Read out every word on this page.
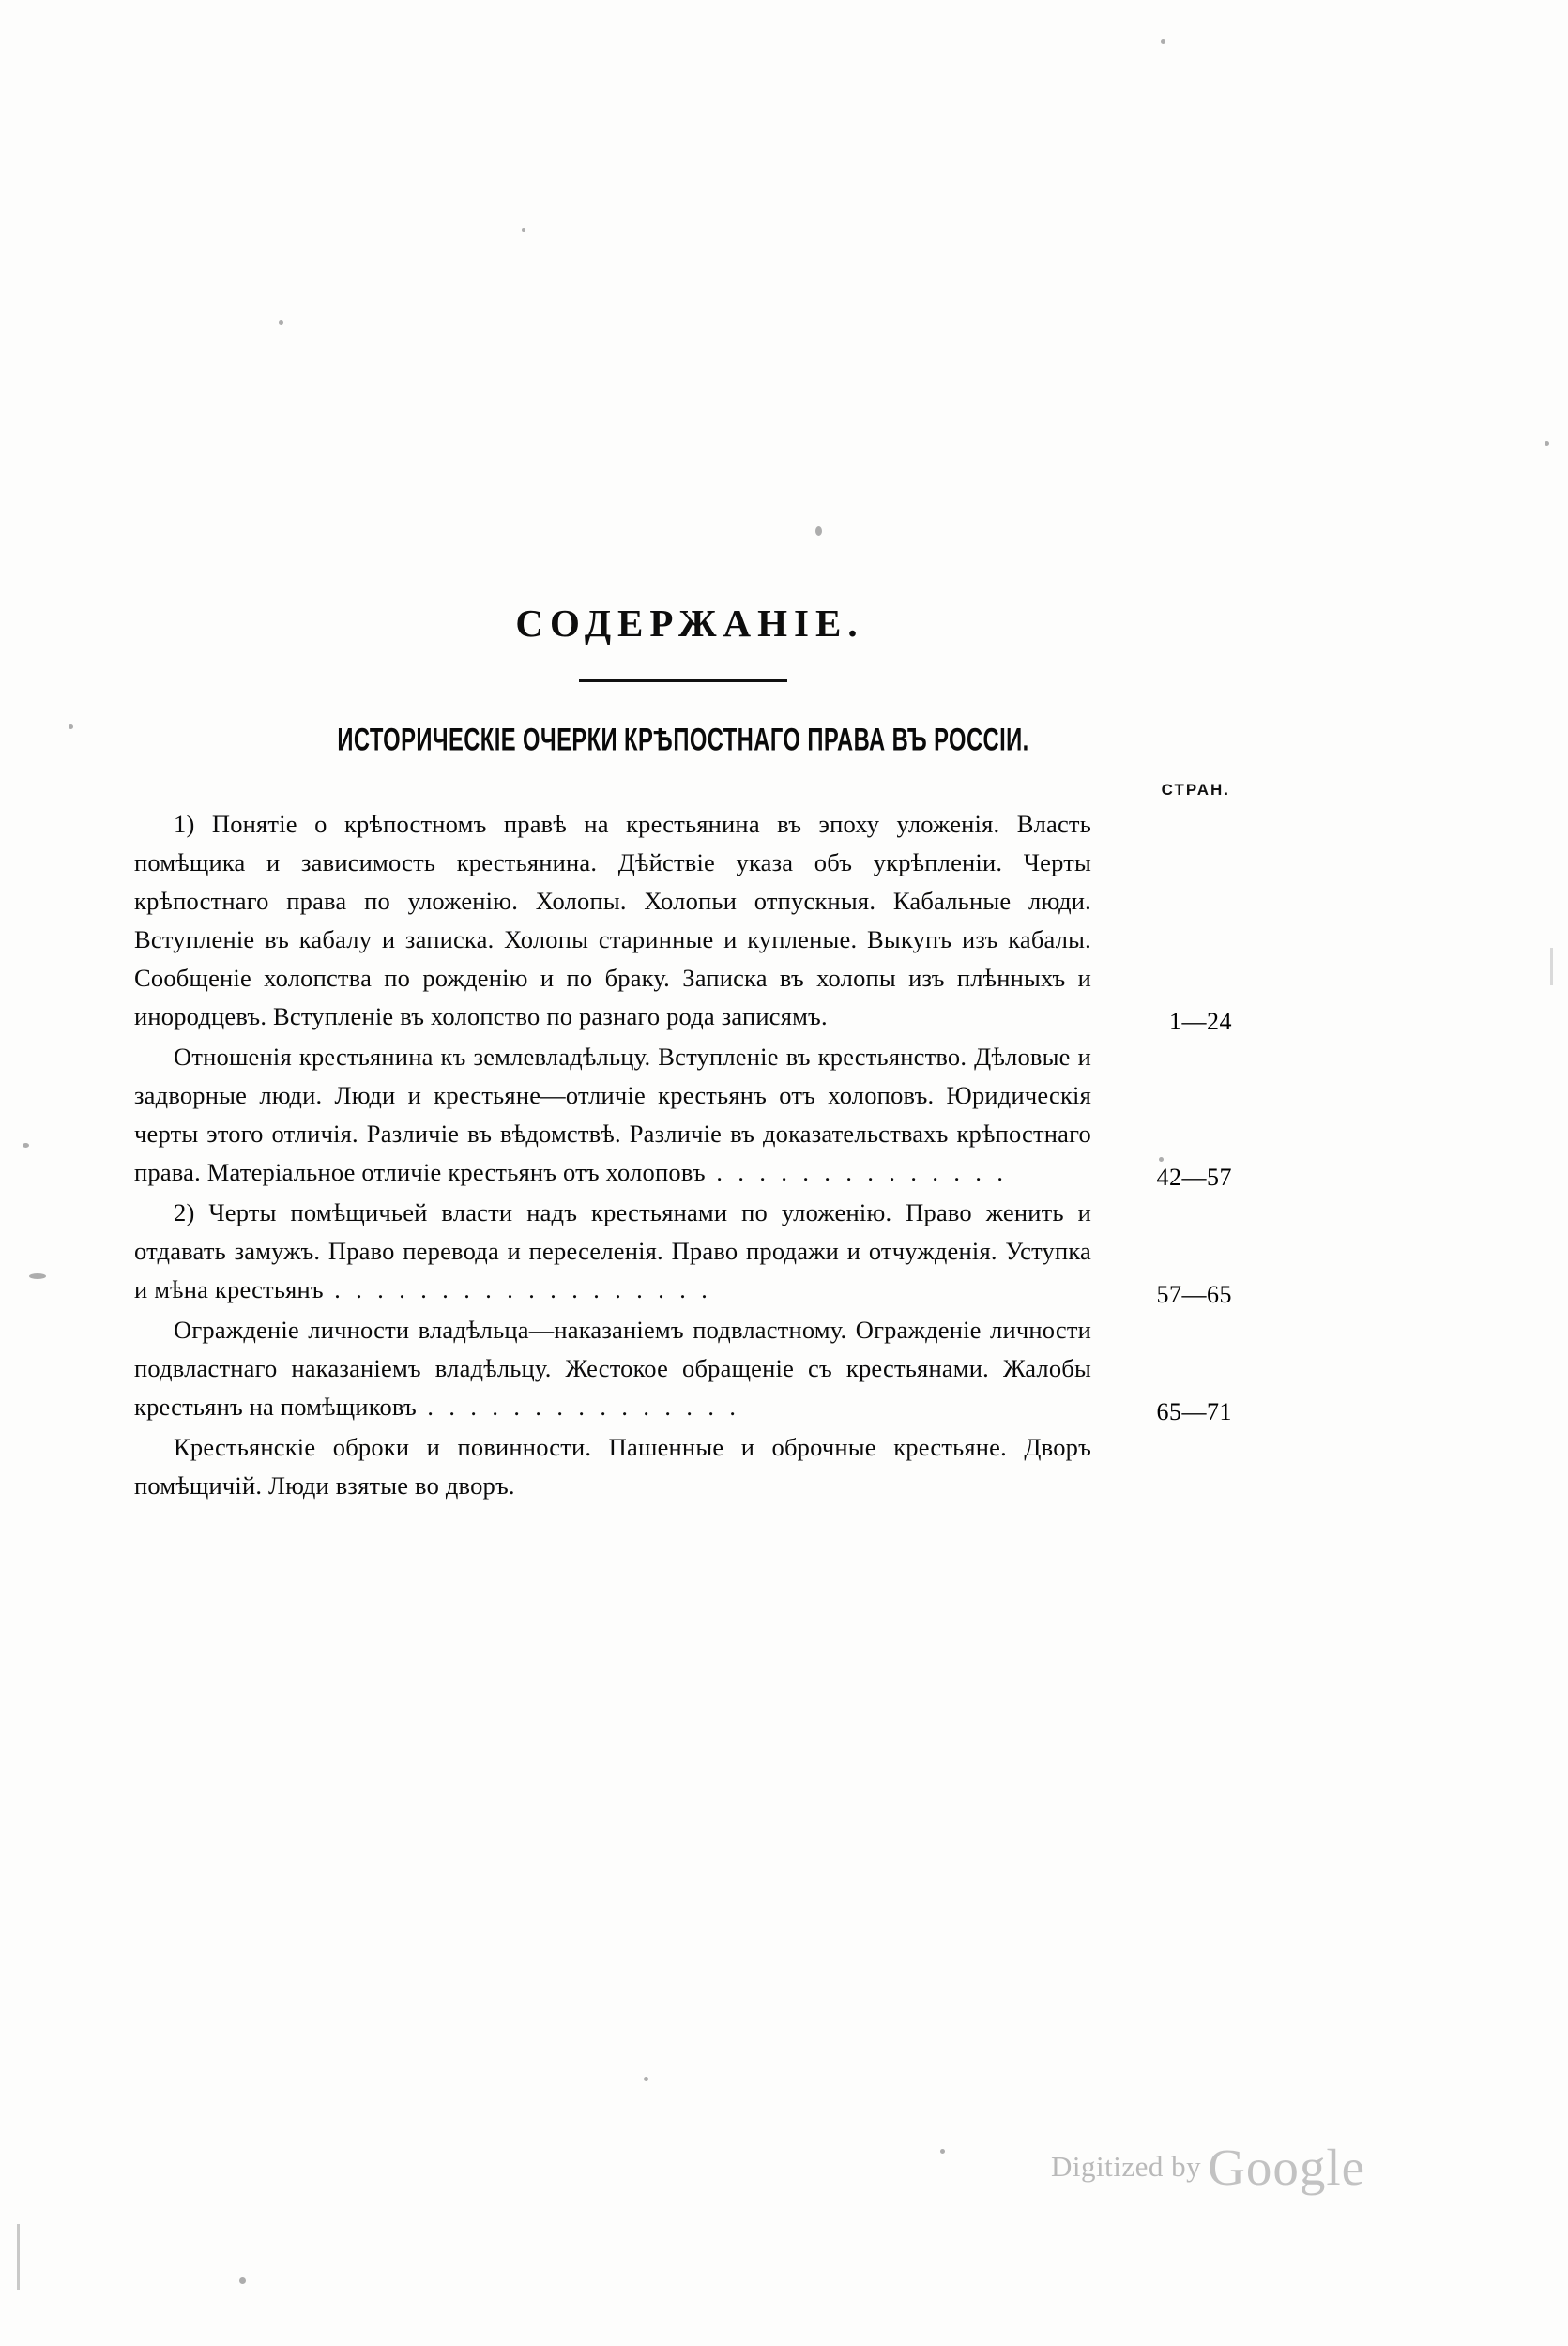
СОДЕРЖАНІЕ.
ИСТОРИЧЕСКІЕ ОЧЕРКИ КРѢПОСТНАГО ПРАВА ВЪ РОССІИ.
СТРАН.

1) Понятіе о крѣпостномъ правѣ на крестьянина въ эпоху уложенія. Власть помѣщика и зависимость крестьянина. Дѣйствіе указа объ укрѣпленіи. Черты крѣпостнаго права по уложенію. Холопы. Холопьи отпускныя. Кабальные люди. Вступленіе въ кабалу и записка. Холопы старинные и купленые. Выкупъ изъ кабалы. Сообщеніе холопства по рожденію и по браку. Записка въ холопы изъ плѣнныхъ и инородцевъ. Вступленіе въ холопство по разнаго рода записямъ.	1—24

Отношенія крестьянина къ землевладѣльцу. Вступленіе въ крестьянство. Дѣловые и задворные люди. Люди и крестьяне—отличіе крестьянъ отъ холоповъ. Юридическія черты этого отличія. Различіе въ вѣдомствѣ. Различіе въ доказательствахъ крѣпостнаго права. Матеріальное отличіе крестьянъ отъ холоповъ . . . . . . . . . . . . . .	42—57

2) Черты помѣщичьей власти надъ крестьянами по уложенію. Право женить и отдавать замужъ. Право перевода и переселенія. Право продажи и отчужденія. Уступка и мѣна крестьянъ . . . . . . . . . . . . . . . . . .	57—65

Огражденіе личности владѣльца—наказаніемъ подвластному. Огражденіе личности подвластнаго наказаніемъ владѣльцу. Жестокое обращеніе съ крестьянами. Жалобы крестьянъ на помѣщиковъ . . . . . . . . . . . . . . .	65—71

Крестьянскіе оброки и повинности. Пашенные и оброчные крестьяне. Дворъ помѣщичій. Люди взятые во дворъ.

Digitized by Google
